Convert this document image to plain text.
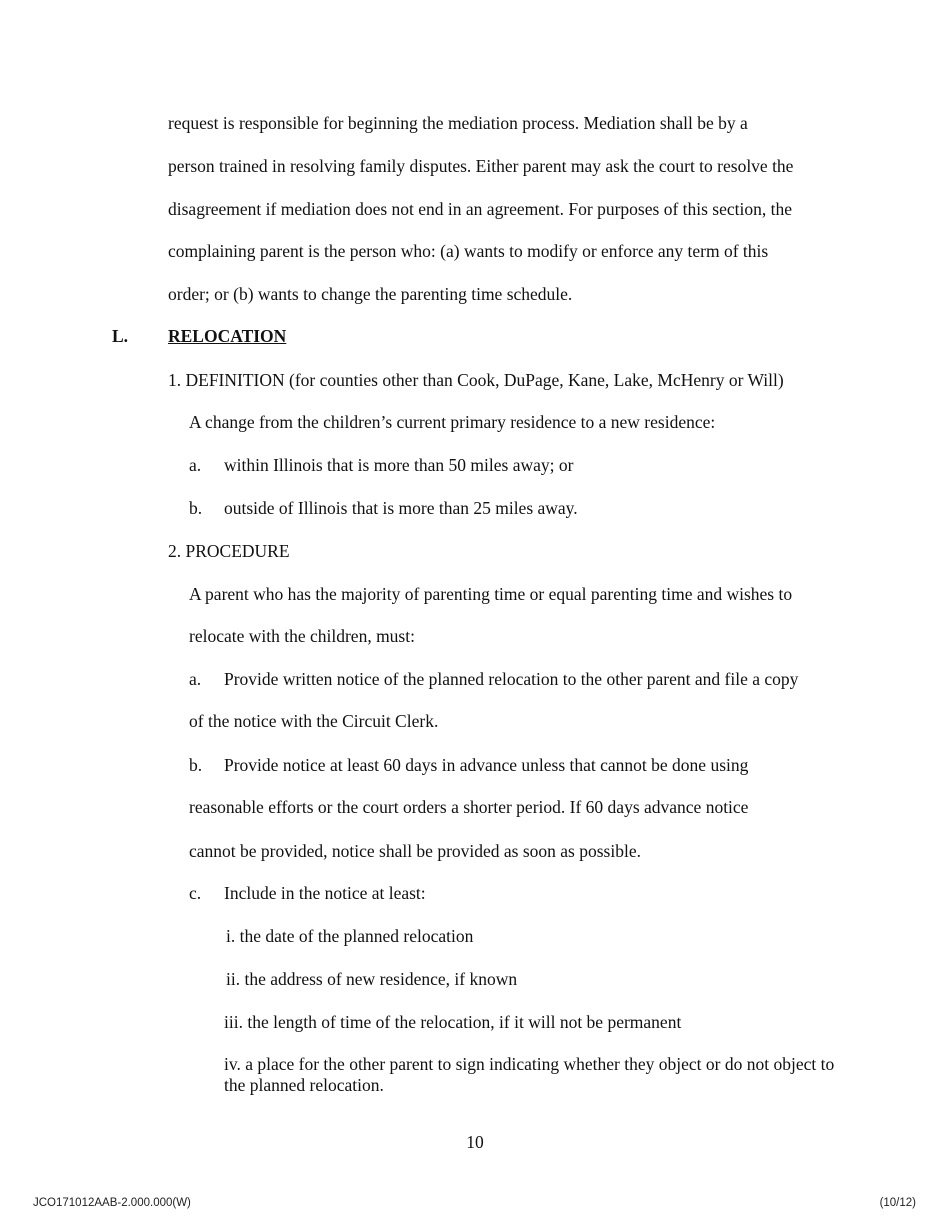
request is responsible for beginning the mediation process. Mediation shall be by a
person trained in resolving family disputes. Either parent may ask the court to resolve the
disagreement if mediation does not end in an agreement. For purposes of this section, the
complaining parent is the person who: (a) wants to modify or enforce any term of this
order; or (b) wants to change the parenting time schedule.
L. RELOCATION
1. DEFINITION (for counties other than Cook, DuPage, Kane, Lake, McHenry or Will)
A change from the children’s current primary residence to a new residence:
a. within Illinois that is more than 50 miles away; or
b. outside of Illinois that is more than 25 miles away.
2. PROCEDURE
A parent who has the majority of parenting time or equal parenting time and wishes to
relocate with the children, must:
a. Provide written notice of the planned relocation to the other parent and file a copy
of the notice with the Circuit Clerk.
b. Provide notice at least 60 days in advance unless that cannot be done using
reasonable efforts or the court orders a shorter period. If 60 days advance notice
cannot be provided, notice shall be provided as soon as possible.
c. Include in the notice at least:
i. the date of the planned relocation
ii. the address of new residence, if known
iii. the length of time of the relocation, if it will not be permanent
iv. a place for the other parent to sign indicating whether they object or do not object to the planned relocation.
10
JCO171012AAB-2.000.000(W)	(10/12)
